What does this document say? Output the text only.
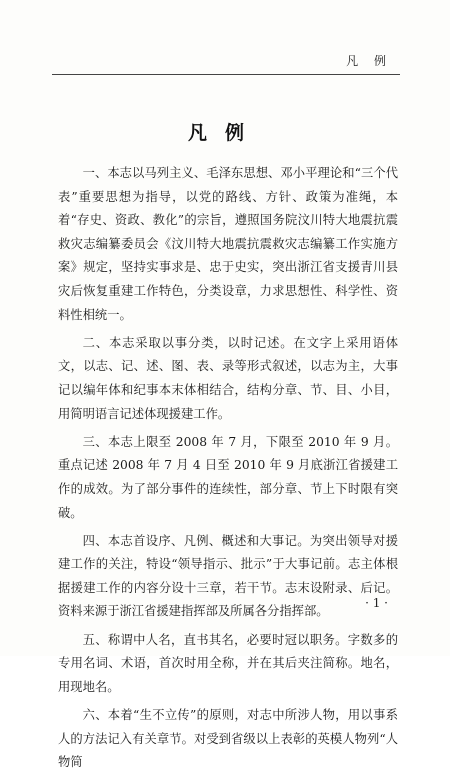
凡 例
凡例

一、本志以马列主义、毛泽东思想、邓小平理论和“三个代表”重要思想为指导，以党的路线、方针、政策为准绳，本着“存史、资政、教化”的宗旨，遵照国务院汶川特大地震抗震救灾志编纂委员会《汶川特大地震抗震救灾志编纂工作实施方案》规定，坚持实事求是、忠于史实，突出浙江省支援青川县灾后恢复重建工作特色，分类设章，力求思想性、科学性、资料性相统一。

二、本志采取以事分类，以时记述。在文字上采用语体文，以志、记、述、图、表、录等形式叙述，以志为主，大事记以编年体和纪事本末体相结合，结构分章、节、目、小目，用简明语言记述体现援建工作。

三、本志上限至 2008 年 7 月，下限至 2010 年 9 月。重点记述 2008 年 7 月 4 日至 2010 年 9 月底浙江省援建工作的成效。为了部分事件的连续性，部分章、节上下时限有突破。

四、本志首设序、凡例、概述和大事记。为突出领导对援建工作的关注，特设“领导指示、批示”于大事记前。志主体根据援建工作的内容分设十三章，若干节。志末设附录、后记。资料来源于浙江省援建指挥部及所属各分指挥部。

五、称谓中人名，直书其名，必要时冠以职务。字数多的专用名词、术语，首次时用全称，并在其后夹注简称。地名，用现地名。

六、本着“生不立传”的原则，对志中所涉人物，用以事系人的方法记入有关章节。对受到省级以上表彰的英模人物列“人物简

· 1 ·
